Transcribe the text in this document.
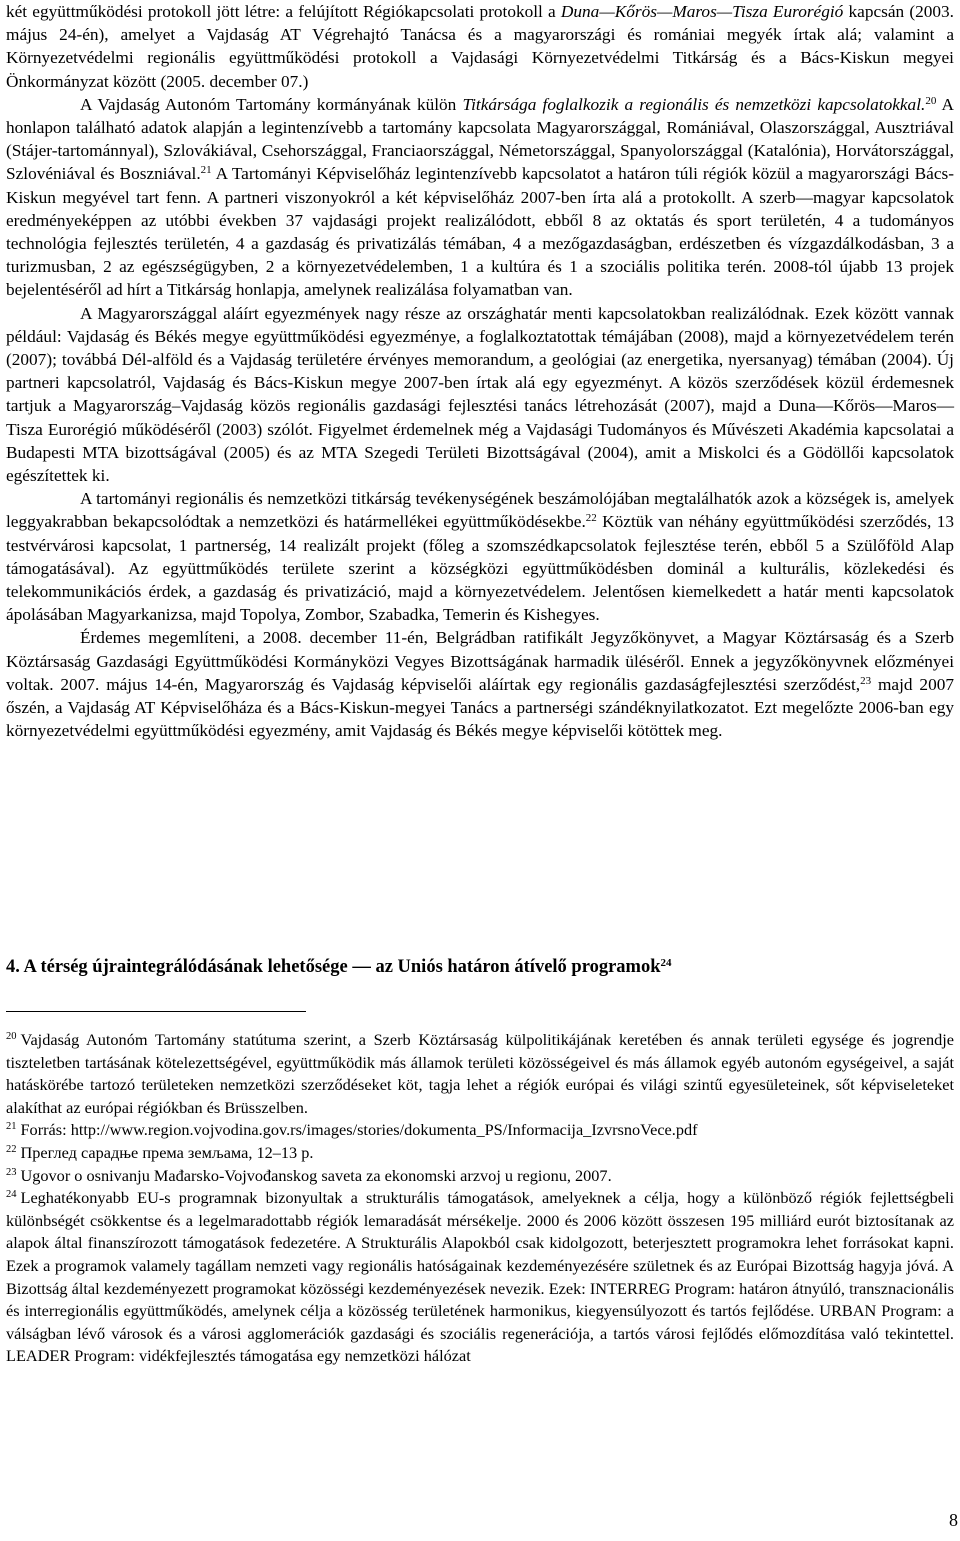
két együttműködési protokoll jött létre: a felújított Régiókapcsolati protokoll a Duna—Kőrös—Maros—Tisza Eurorégió kapcsán (2003. május 24-én), amelyet a Vajdaság AT Végrehajtó Tanácsa és a magyarországi és romániai megyék írtak alá; valamint a Környezetvédelmi regionális együttműködési protokoll a Vajdasági Környezetvédelmi Titkárság és a Bács-Kiskun megyei Önkormányzat között (2005. december 07.)

A Vajdaság Autonóm Tartomány kormányának külön Titkársága foglalkozik a regionális és nemzetközi kapcsolatokkal.$^{20}$ A honlapon található adatok alapján a legintenzívebb a tartomány kapcsolata Magyarországgal, Romániával, Olaszországgal, Ausztriával (Stájer-tartománnyal), Szlovákiával, Csehországgal, Franciaországgal, Németországgal, Spanyolországgal (Katalónia), Horvátországgal, Szlovéniával és Boszniával.$^{21}$ A Tartományi Képviselőház legintenzívebb kapcsolatot a határon túli régiók közül a magyarországi Bács-Kiskun megyével tart fenn. A partneri viszonyokról a két képviselőház 2007-ben írta alá a protokollt. A szerb—magyar kapcsolatok eredményeképpen az utóbbi években 37 vajdasági projekt realizálódott, ebből 8 az oktatás és sport területén, 4 a tudományos technológia fejlesztés területén, 4 a gazdaság és privatizálás témában, 4 a mezőgazdaságban, erdészetben és vízgazdálkodásban, 3 a turizmusban, 2 az egészségügyben, 2 a környezetvédelemben, 1 a kultúra és 1 a szociális politika terén. 2008-tól újabb 13 projek bejelentéséről ad hírt a Titkárság honlapja, amelynek realizálása folyamatban van.

A Magyarországgal aláírt egyezmények nagy része az országhatár menti kapcsolatokban realizálódnak. Ezek között vannak például: Vajdaság és Békés megye együttműködési egyezménye, a foglalkoztatottak témájában (2008), majd a környezetvédelem terén (2007); továbbá Dél-alföld és a Vajdaság területére érvényes memorandum, a geológiai (az energetika, nyersanyag) témában (2004). Új partneri kapcsolatról, Vajdaság és Bács-Kiskun megye 2007-ben írtak alá egy egyezményt. A közös szerződések közül érdemesnek tartjuk a Magyarország–Vajdaság közös regionális gazdasági fejlesztési tanács létrehozását (2007), majd a Duna—Kőrös—Maros—Tisza Eurorégió működéséről (2003) szólót. Figyelmet érdemelnek még a Vajdasági Tudományos és Művészeti Akadémia kapcsolatai a Budapesti MTA bizottságával (2005) és az MTA Szegedi Területi Bizottságával (2004), amit a Miskolci és a Gödöllői kapcsolatok egészítettek ki.

A tartományi regionális és nemzetközi titkárság tevékenységének beszámolójában megtalálhatók azok a községek is, amelyek leggyakrabban bekapcsolódtak a nemzetközi és határmellékei együttműködésekbe.$^{22}$ Köztük van néhány együttműködési szerződés, 13 testvérvárosi kapcsolat, 1 partnerség, 14 realizált projekt (főleg a szomszédkapcsolatok fejlesztése terén, ebből 5 a Szülőföld Alap támogatásával). Az együttműködés területe szerint a községközi együttműködésben dominál a kulturális, közlekedési és telekommunikációs érdek, a gazdaság és privatizáció, majd a környezetvédelem. Jelentősen kiemelkedett a határ menti kapcsolatok ápolásában Magyarkanizsa, majd Topolya, Zombor, Szabadka, Temerin és Kishegyes.

Érdemes megemlíteni, a 2008. december 11-én, Belgrádban ratifikált Jegyzőkönyvet, a Magyar Köztársaság és a Szerb Köztársaság Gazdasági Együttműködési Kormányközi Vegyes Bizottságának harmadik üléséről. Ennek a jegyzőkönyvnek előzményei voltak. 2007. május 14-én, Magyarország és Vajdaság képviselői aláírtak egy regionális gazdaságfejlesztési szerződést,$^{23}$ majd 2007 őszén, a Vajdaság AT Képviselőháza és a Bács-Kiskun-megyei Tanács a partnerségi szándéknyilatkozatot. Ezt megelőzte 2006-ban egy környezetvédelmi együttműködési egyezmény, amit Vajdaság és Békés megye képviselői kötöttek meg.

4. A térség újraintegrálódásának lehetősége — az Uniós határon átívelő programok$^{24}$

$^{20}$ Vajdaság Autonóm Tartomány statútuma szerint, a Szerb Köztársaság külpolitikájának keretében és annak területi egysége és jogrendje tiszteletben tartásának kötelezettségével, együttműködik más államok területi közösségeivel és más államok egyéb autonóm egységeivel, a saját hatáskörébe tartozó területeken nemzetközi szerződéseket köt, tagja lehet a régiók európai és világi szintű egyesületeinek, sőt képviseleteket alakíthat az európai régiókban és Brüsszelben.

$^{21}$ Forrás: http://www.region.vojvodina.gov.rs/images/stories/dokumenta_PS/Informacija_IzvrsnoVece.pdf

$^{22}$ Преглед сарадње према земљама, 12–13 p.

$^{23}$ Ugovor o osnivanju Mađarsko-Vojvođanskog saveta za ekonomski arzvoj u regionu, 2007.

$^{24}$ Leghatékonyabb EU-s programnak bizonyultak a strukturális támogatások, amelyeknek a célja, hogy a különböző régiók fejlettségbeli különbségét csökkentse és a legelmaradottabb régiók lemaradását mérsékelje. 2000 és 2006 között összesen 195 milliárd eurót biztosítanak az alapok által finanszírozott támogatások fedezetére. A Strukturális Alapokból csak kidolgozott, beterjesztett programokra lehet forrásokat kapni. Ezek a programok valamely tagállam nemzeti vagy regionális hatóságainak kezdeményezésére születnek és az Európai Bizottság hagyja jóvá. A Bizottság által kezdeményezett programokat közösségi kezdeményezések nevezik. Ezek: INTERREG Program: határon átnyúló, transznacionális és interregionális együttműködés, amelynek célja a közösség területének harmonikus, kiegyensúlyozott és tartós fejlődése. URBAN Program: a válságban lévő városok és a városi agglomerációk gazdasági és szociális regenerációja, a tartós városi fejlődés előmozdítása való tekintettel. LEADER Program: vidékfejlesztés támogatása egy nemzetközi hálózat

8
